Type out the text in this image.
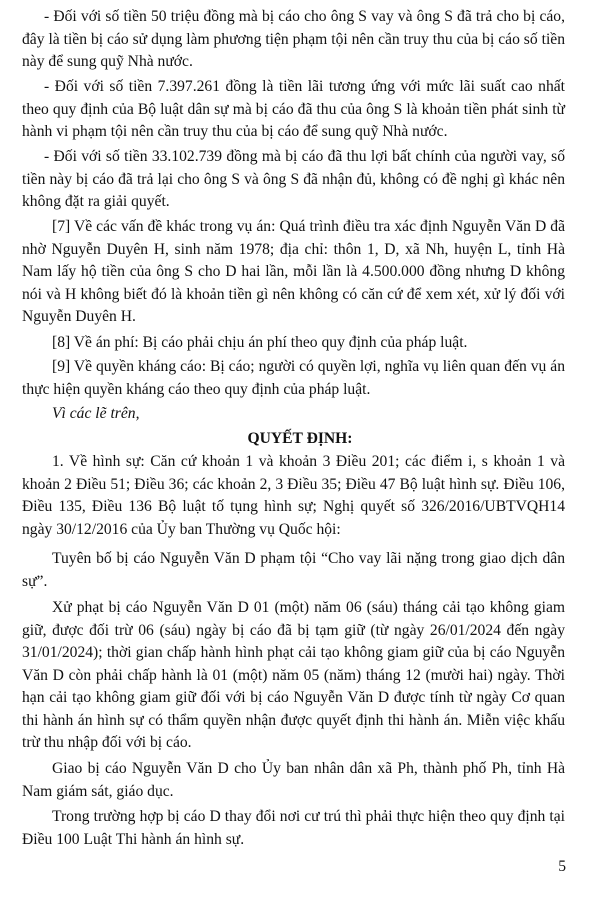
- Đối với số tiền 50 triệu đồng mà bị cáo cho ông S vay và ông S đã trả cho bị cáo, đây là tiền bị cáo sử dụng làm phương tiện phạm tội nên cần truy thu của bị cáo số tiền này để sung quỹ Nhà nước.

- Đối với số tiền 7.397.261 đồng là tiền lãi tương ứng với mức lãi suất cao nhất theo quy định của Bộ luật dân sự mà bị cáo đã thu của ông S là khoản tiền phát sinh từ hành vi phạm tội nên cần truy thu của bị cáo để sung quỹ Nhà nước.

- Đối với số tiền 33.102.739 đồng mà bị cáo đã thu lợi bất chính của người vay, số tiền này bị cáo đã trả lại cho ông S và ông S đã nhận đủ, không có đề nghị gì khác nên không đặt ra giải quyết.

[7] Về các vấn đề khác trong vụ án: Quá trình điều tra xác định Nguyễn Văn D đã nhờ Nguyễn Duyên H, sinh năm 1978; địa chỉ: thôn 1, D, xã Nh, huyện L, tỉnh Hà Nam lấy hộ tiền của ông S cho D hai lần, mỗi lần là 4.500.000 đồng nhưng D không nói và H không biết đó là khoản tiền gì nên không có căn cứ để xem xét, xử lý đối với Nguyễn Duyên H.

[8] Về án phí: Bị cáo phải chịu án phí theo quy định của pháp luật.

[9] Về quyền kháng cáo: Bị cáo; người có quyền lợi, nghĩa vụ liên quan đến vụ án thực hiện quyền kháng cáo theo quy định của pháp luật.

Vì các lẽ trên,

QUYẾT ĐỊNH:

1. Về hình sự: Căn cứ khoản 1 và khoản 3 Điều 201; các điểm i, s khoản 1 và khoản 2 Điều 51; Điều 36; các khoản 2, 3 Điều 35; Điều 47 Bộ luật hình sự. Điều 106, Điều 135, Điều 136 Bộ luật tố tụng hình sự; Nghị quyết số 326/2016/UBTVQH14 ngày 30/12/2016 của Ủy ban Thường vụ Quốc hội:

Tuyên bố bị cáo Nguyễn Văn D phạm tội “Cho vay lãi nặng trong giao dịch dân sự”.

Xử phạt bị cáo Nguyễn Văn D 01 (một) năm 06 (sáu) tháng cải tạo không giam giữ, được đối trừ 06 (sáu) ngày bị cáo đã bị tạm giữ (từ ngày 26/01/2024 đến ngày 31/01/2024); thời gian chấp hành hình phạt cải tạo không giam giữ của bị cáo Nguyễn Văn D còn phải chấp hành là 01 (một) năm 05 (năm) tháng 12 (mười hai) ngày. Thời hạn cải tạo không giam giữ đối với bị cáo Nguyễn Văn D được tính từ ngày Cơ quan thi hành án hình sự có thẩm quyền nhận được quyết định thi hành án. Miễn việc khấu trừ thu nhập đối với bị cáo.

Giao bị cáo Nguyễn Văn D cho Ủy ban nhân dân xã Ph, thành phố Ph, tỉnh Hà Nam giám sát, giáo dục.

Trong trường hợp bị cáo D thay đổi nơi cư trú thì phải thực hiện theo quy định tại Điều 100 Luật Thi hành án hình sự.

5
